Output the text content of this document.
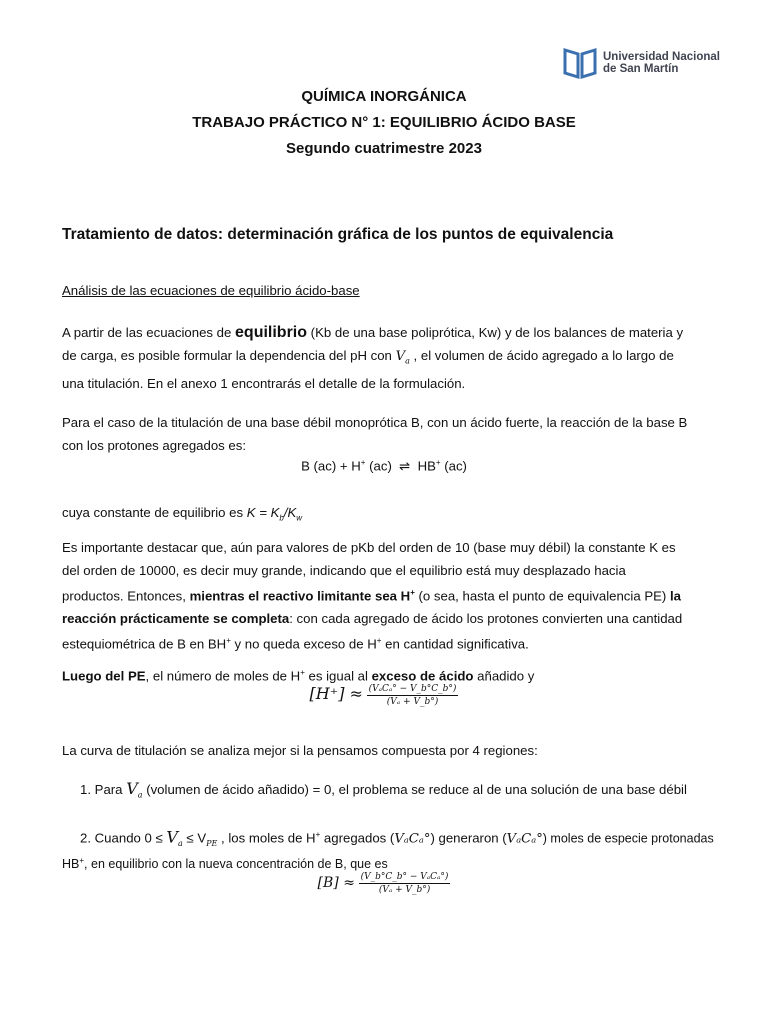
Universidad Nacional
de San Martín
QUÍMICA INORGÁNICA
TRABAJO PRÁCTICO N° 1: EQUILIBRIO ÁCIDO BASE
Segundo cuatrimestre 2023
Tratamiento de datos: determinación gráfica de los puntos de equivalencia
Análisis de las ecuaciones de equilibrio ácido-base
A partir de las ecuaciones de equilibrio (Kb de una base poliprótica, Kw) y de los balances de materia y
de carga, es posible formular la dependencia del pH con $V_a$ , el volumen de ácido agregado a lo largo de
una titulación. En el anexo 1 encontrarás el detalle de la formulación.
Para el caso de la titulación de una base débil monoprótica B, con un ácido fuerte, la reacción de la base B
con los protones agregados es:
B (ac) + H+ (ac) ⇌ HB+ (ac)
cuya constante de equilibrio es $K = K_b/K_w$
Es importante destacar que, aún para valores de pKb del orden de 10 (base muy débil) la constante K es
del orden de 10000, es decir muy grande, indicando que el equilibrio está muy desplazado hacia
productos. Entonces, mientras el reactivo limitante sea H+ (o sea, hasta el punto de equivalencia PE) la
reacción prácticamente se completa: con cada agregado de ácido los protones convierten una cantidad
estequiométrica de B en BH+ y no queda exceso de H+ en cantidad significativa.
Luego del PE, el número de moles de H+ es igual al exceso de ácido añadido y
$[H^+] \approx \frac{\text{(VₐCₐ° − V\_b°C\_b°)}}{\text{(Vₐ + V\_b°)}}$
La curva de titulación se analiza mejor si la pensamos compuesta por 4 regiones:
1. Para $V_a$ (volumen de ácido añadido) = 0, el problema se reduce al de una solución de una base débil
2. Cuando $0 \le V_a \le V_{PE}$ , los moles de H+ agregados (VₐCₐ°) generaron (VₐCₐ°) moles de especie protonadas
HB+, en equilibrio con la nueva concentración de B, que es
$[B] \approx \frac{\text{(V\_b°C\_b° − VₐCₐ°)}}{\text{(Vₐ + V\_b°)}}$
